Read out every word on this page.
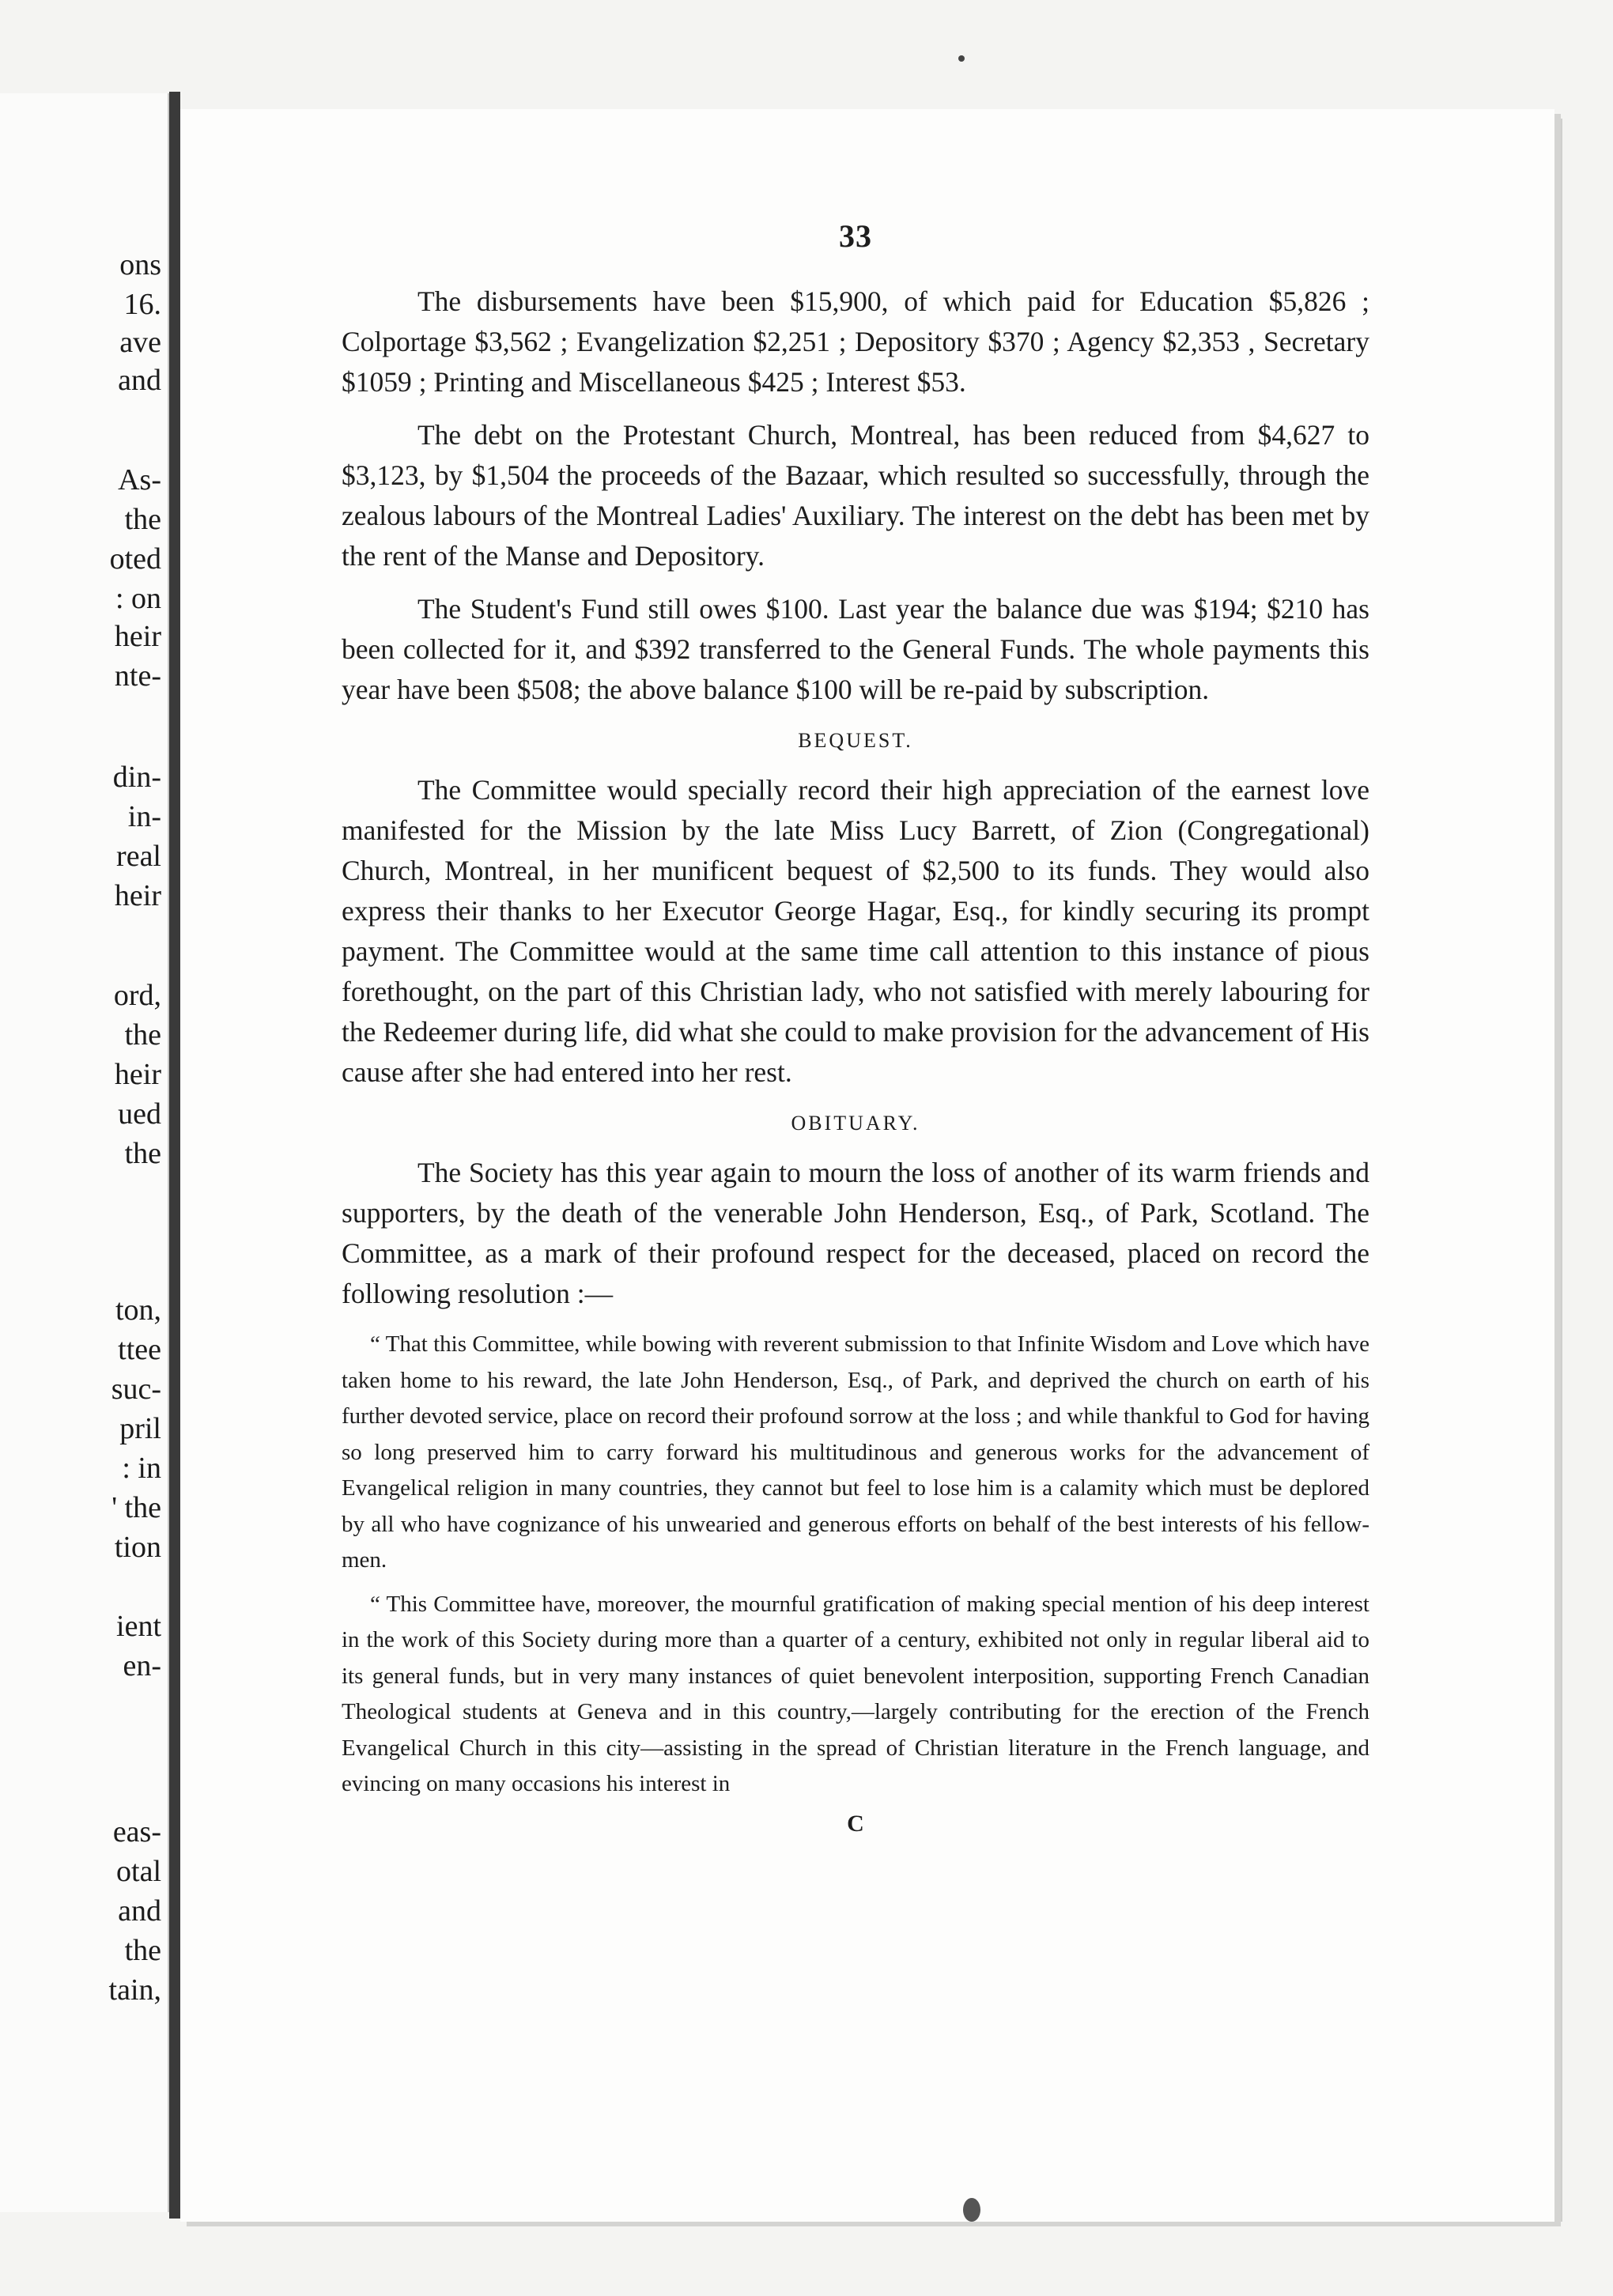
ons
16.
ave
and
As-
the
oted
: on
heir
nte-
din-
in-
real
heir
ord,
the
heir
ued
the
ton,
ttee
suc-
pril
: in
' the
tion
ient
en-
eas-
otal
and
the
tain,
33

The disbursements have been $15,900, of which paid for Education $5,826 ; Colportage $3,562 ; Evangelization $2,251 ; Depository $370 ; Agency $2,353 , Secretary $1059 ; Printing and Miscellaneous $425 ; Interest $53.

The debt on the Protestant Church, Montreal, has been reduced from $4,627 to $3,123, by $1,504 the proceeds of the Bazaar, which resulted so successfully, through the zealous labours of the Montreal Ladies' Auxiliary. The interest on the debt has been met by the rent of the Manse and Depository.

The Student's Fund still owes $100. Last year the balance due was $194; $210 has been collected for it, and $392 transferred to the General Funds. The whole payments this year have been $508; the above balance $100 will be re-paid by subscription.

BEQUEST.

The Committee would specially record their high appreciation of the earnest love manifested for the Mission by the late Miss Lucy Barrett, of Zion (Congregational) Church, Montreal, in her munificent bequest of $2,500 to its funds. They would also express their thanks to her Executor George Hagar, Esq., for kindly securing its prompt payment. The Committee would at the same time call attention to this instance of pious forethought, on the part of this Christian lady, who not satisfied with merely labouring for the Redeemer during life, did what she could to make provision for the advancement of His cause after she had entered into her rest.

OBITUARY.

The Society has this year again to mourn the loss of another of its warm friends and supporters, by the death of the venerable John Henderson, Esq., of Park, Scotland. The Committee, as a mark of their profound respect for the deceased, placed on record the following resolution :—

“ That this Committee, while bowing with reverent submission to that Infinite Wisdom and Love which have taken home to his reward, the late John Henderson, Esq., of Park, and deprived the church on earth of his further devoted service, place on record their profound sorrow at the loss ; and while thankful to God for having so long preserved him to carry forward his multitudinous and generous works for the advancement of Evangelical religion in many countries, they cannot but feel to lose him is a calamity which must be deplored by all who have cognizance of his unwearied and generous efforts on behalf of the best interests of his fellow-men.

“ This Committee have, moreover, the mournful gratification of making special mention of his deep interest in the work of this Society during more than a quarter of a century, exhibited not only in regular liberal aid to its general funds, but in very many instances of quiet benevolent interposition, supporting French Canadian Theological students at Geneva and in this country,—largely contributing for the erection of the French Evangelical Church in this city—assisting in the spread of Christian literature in the French language, and evincing on many occasions his interest in

C
